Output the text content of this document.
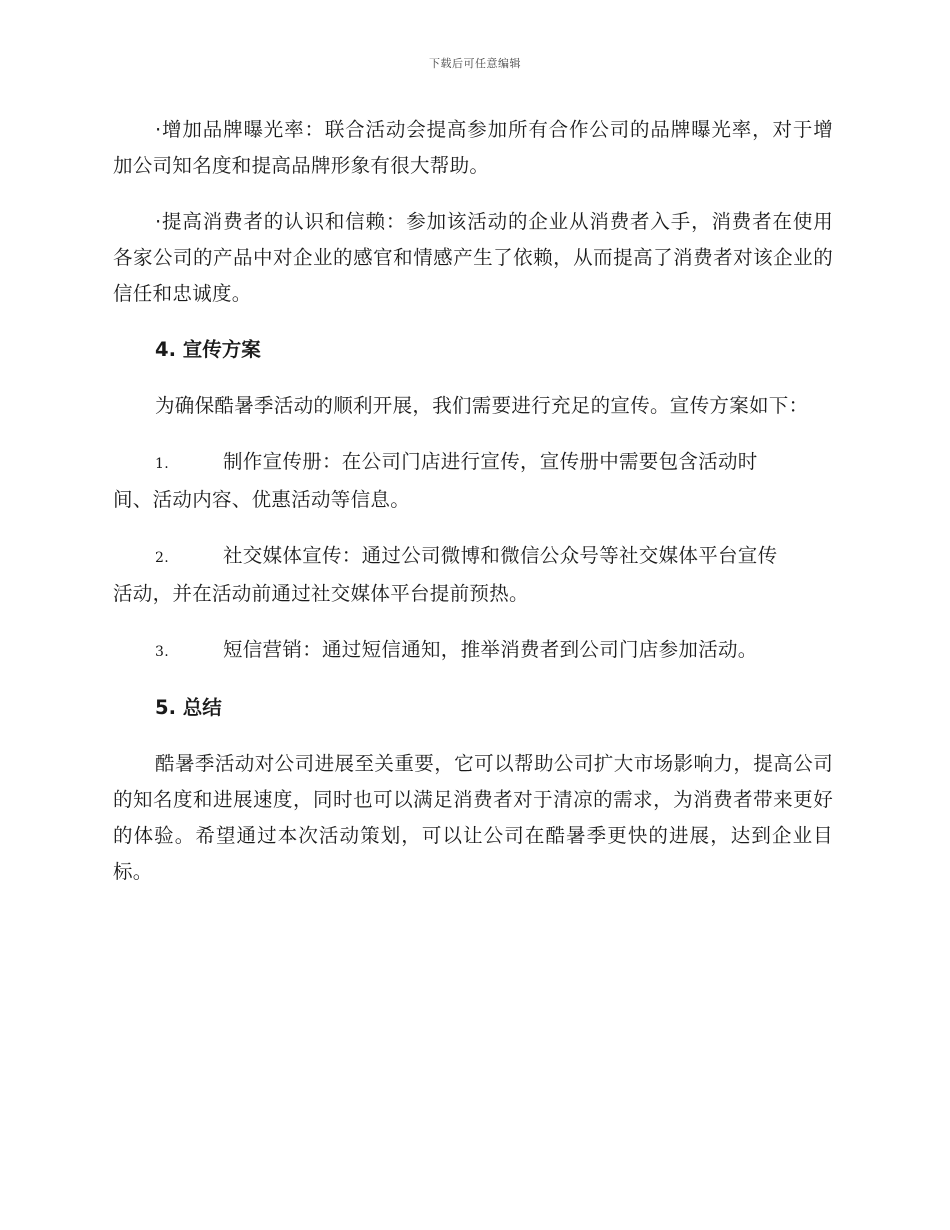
下载后可任意编辑

·增加品牌曝光率：联合活动会提高参加所有合作公司的品牌曝光率，对于增加公司知名度和提高品牌形象有很大帮助。

·提高消费者的认识和信赖：参加该活动的企业从消费者入手，消费者在使用各家公司的产品中对企业的感官和情感产生了依赖，从而提高了消费者对该企业的信任和忠诚度。

4. 宣传方案

为确保酷暑季活动的顺利开展，我们需要进行充足的宣传。宣传方案如下：

1.	制作宣传册：在公司门店进行宣传，宣传册中需要包含活动时
间、活动内容、优惠活动等信息。
2.	社交媒体宣传：通过公司微博和微信公众号等社交媒体平台宣传
活动，并在活动前通过社交媒体平台提前预热。
3.	短信营销：通过短信通知，推举消费者到公司门店参加活动。
5. 总结

酷暑季活动对公司进展至关重要，它可以帮助公司扩大市场影响力，提高公司的知名度和进展速度，同时也可以满足消费者对于清凉的需求，为消费者带来更好的体验。希望通过本次活动策划，可以让公司在酷暑季更快的进展，达到企业目标。
